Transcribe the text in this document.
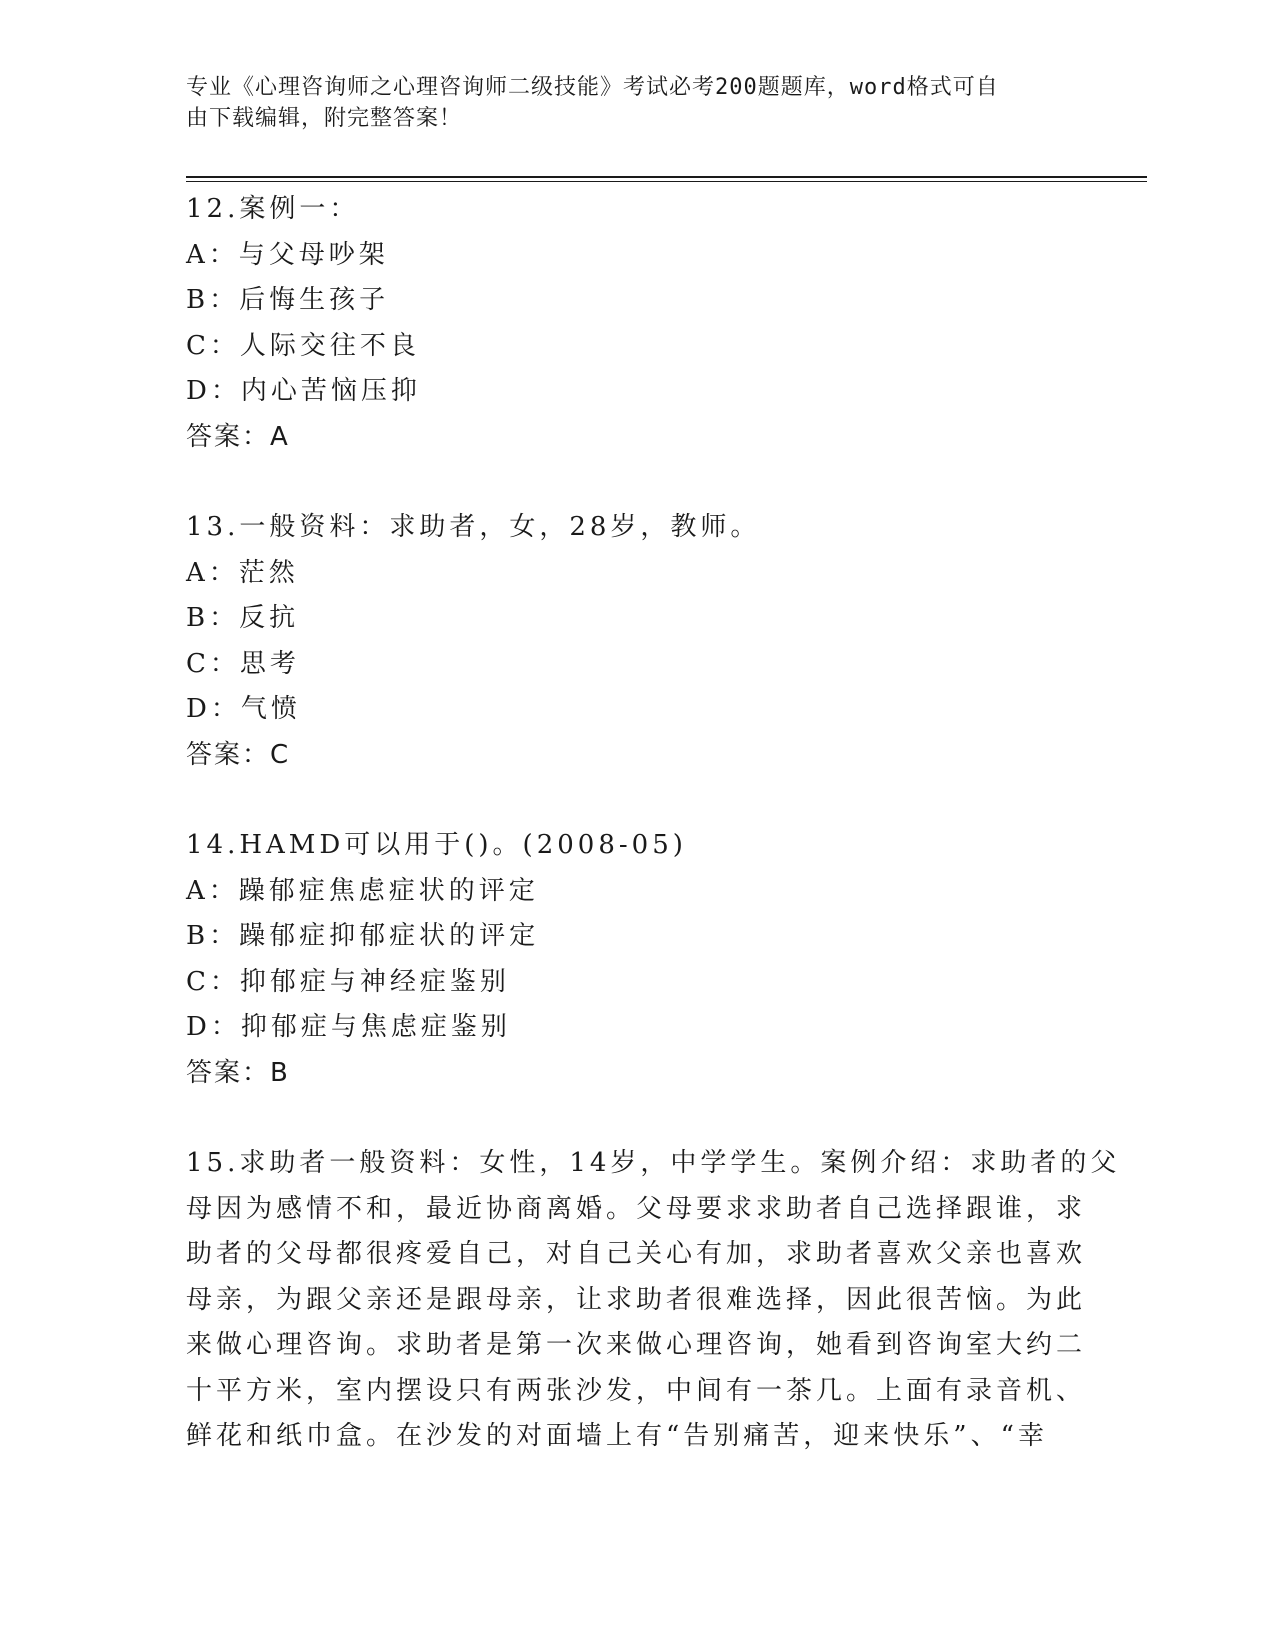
专业《心理咨询师之心理咨询师二级技能》考试必考200题题库，word格式可自
由下载编辑，附完整答案！
12.案例一：
A：与父母吵架
B：后悔生孩子
C：人际交往不良
D：内心苦恼压抑
答案：A
13.一般资料：求助者，女，28岁，教师。
A：茫然
B：反抗
C：思考
D：气愤
答案：C
14.HAMD可以用于()。(2008-05)
A：躁郁症焦虑症状的评定
B：躁郁症抑郁症状的评定
C：抑郁症与神经症鉴别
D：抑郁症与焦虑症鉴别
答案：B
15.求助者一般资料：女性，14岁，中学学生。案例介绍：求助者的父
母因为感情不和，最近协商离婚。父母要求求助者自己选择跟谁，求
助者的父母都很疼爱自己，对自己关心有加，求助者喜欢父亲也喜欢
母亲，为跟父亲还是跟母亲，让求助者很难选择，因此很苦恼。为此
来做心理咨询。求助者是第一次来做心理咨询，她看到咨询室大约二
十平方米，室内摆设只有两张沙发，中间有一茶几。上面有录音机、
鲜花和纸巾盒。在沙发的对面墙上有“告别痛苦，迎来快乐”、“幸
